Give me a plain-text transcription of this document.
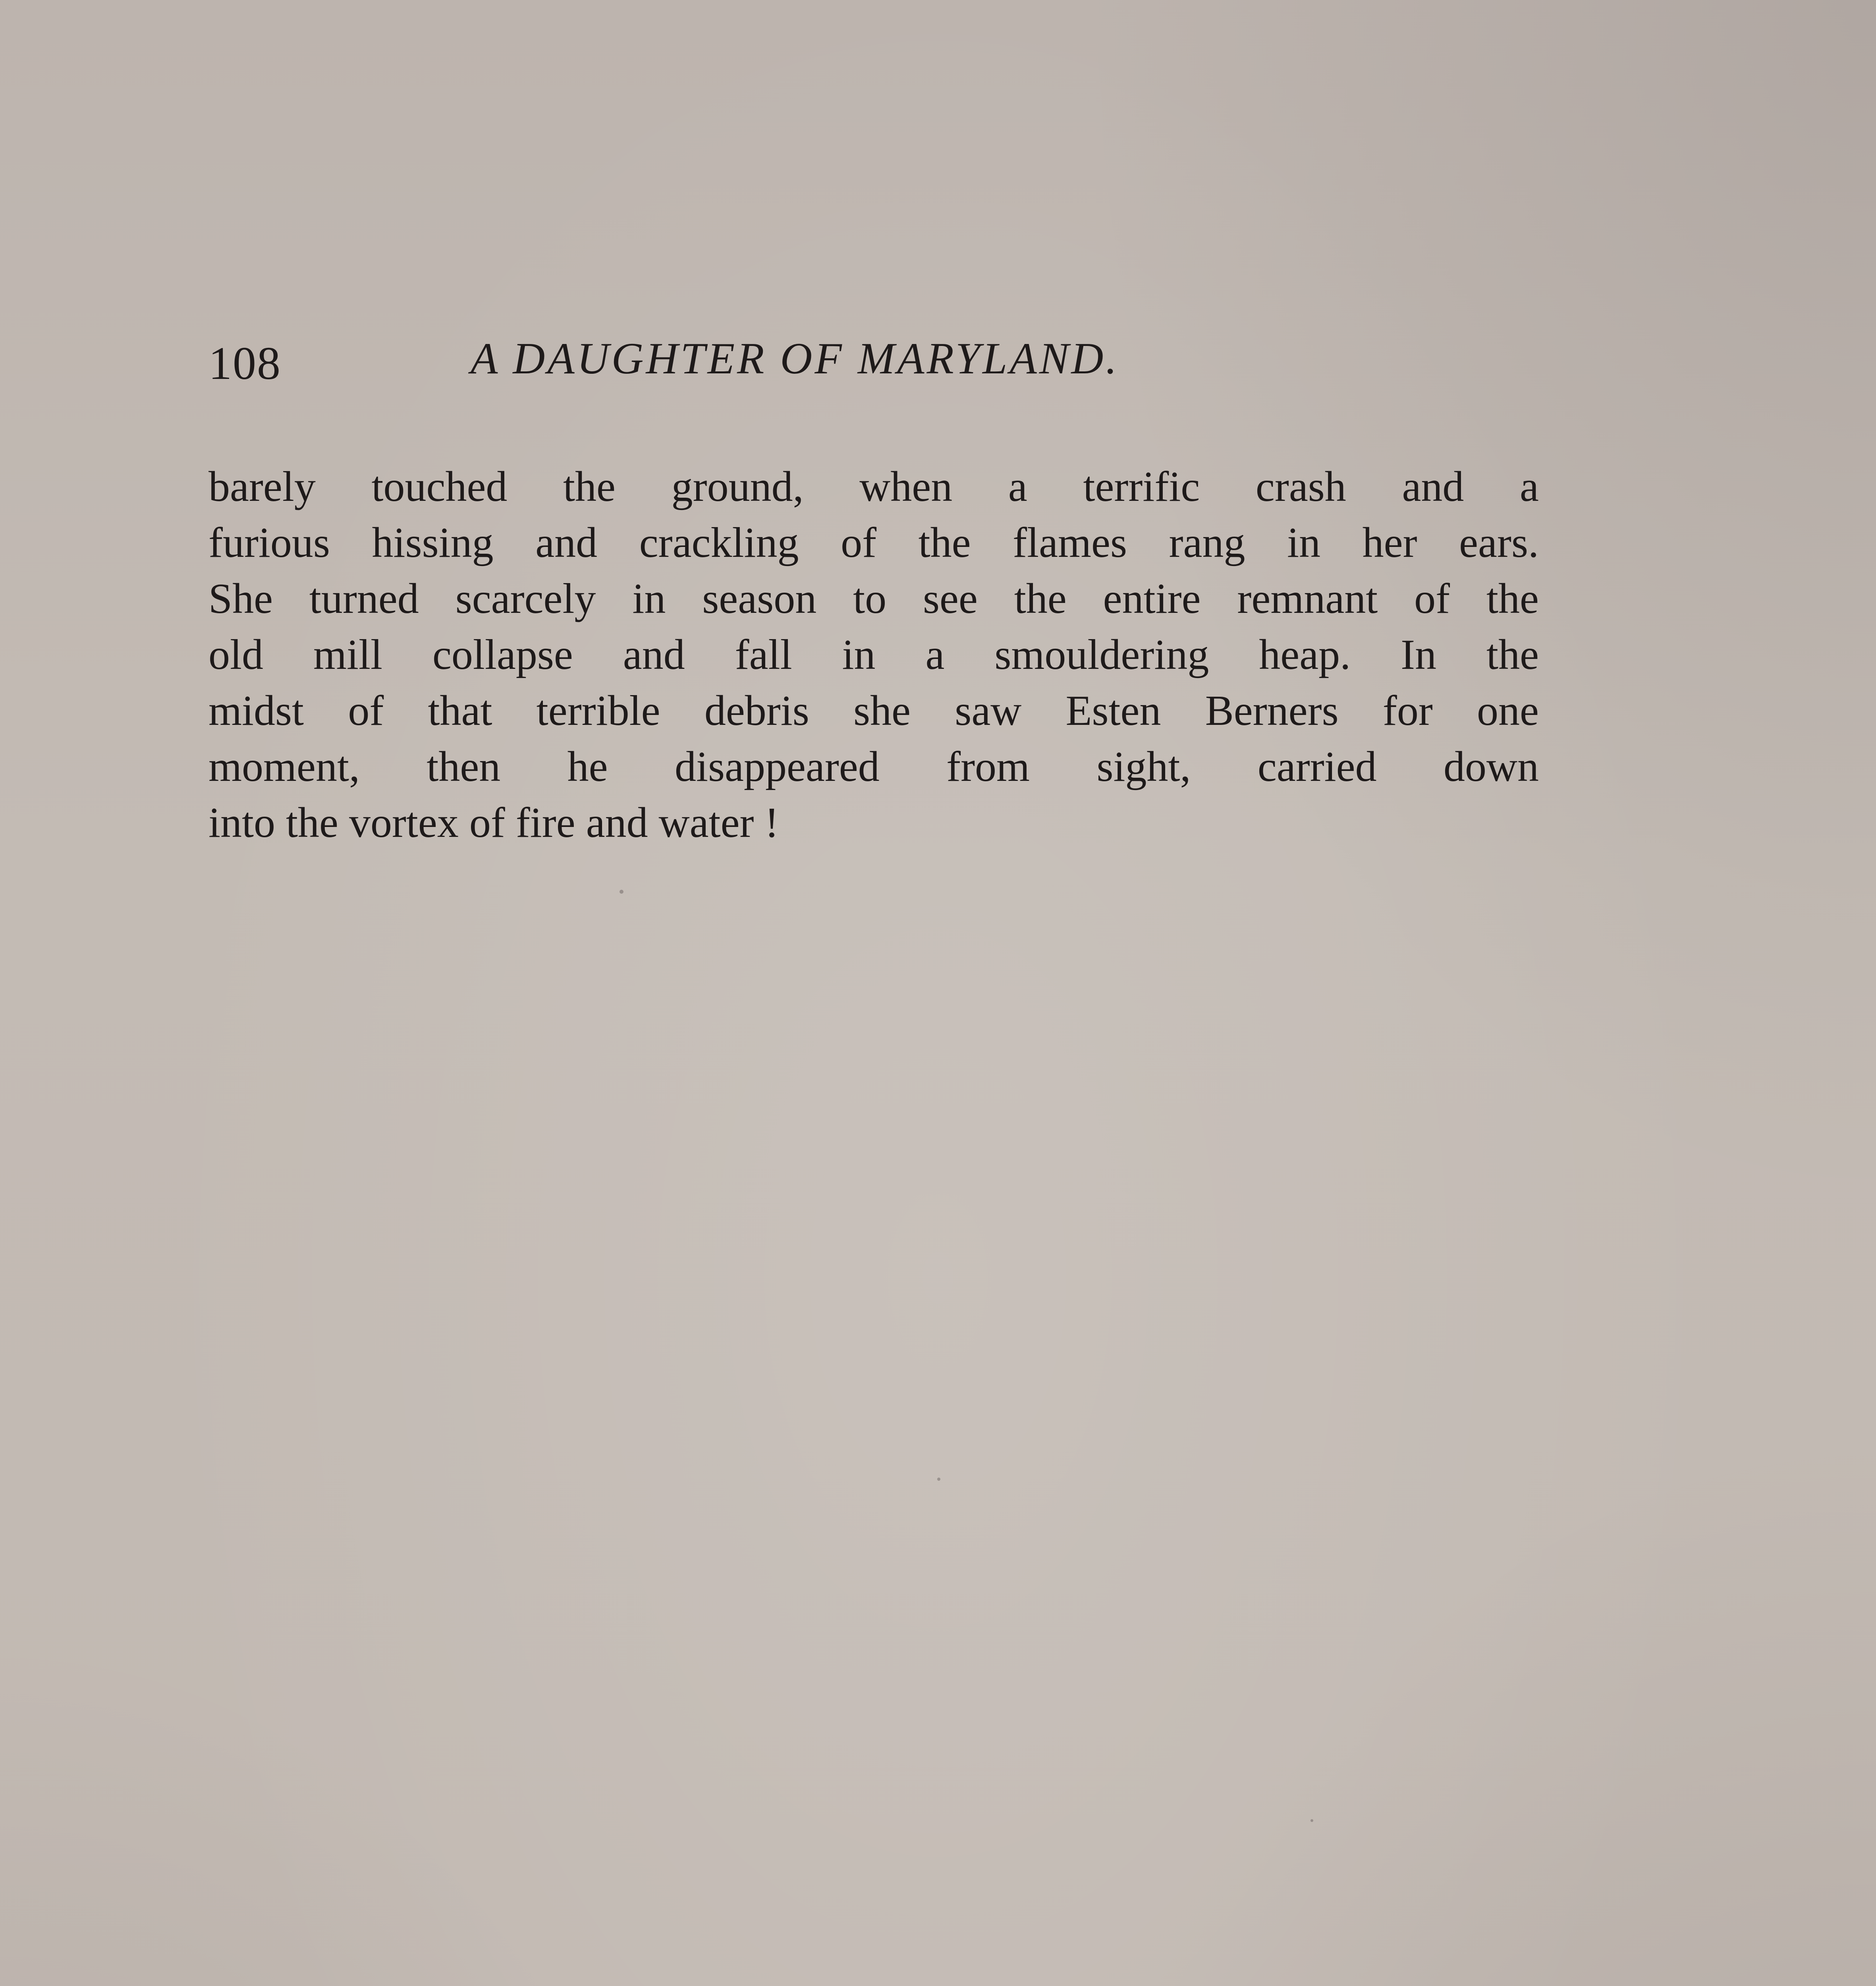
108	A DAUGHTER OF MARYLAND.
barely touched the ground, when a terrific crash and a
furious hissing and crackling of the flames rang in her ears.
She turned scarcely in season to see the entire remnant of the
old mill collapse and fall in a smouldering heap. In the
midst of that terrible debris she saw Esten Berners for one
moment, then he disappeared from sight, carried down
into the vortex of fire and water !
